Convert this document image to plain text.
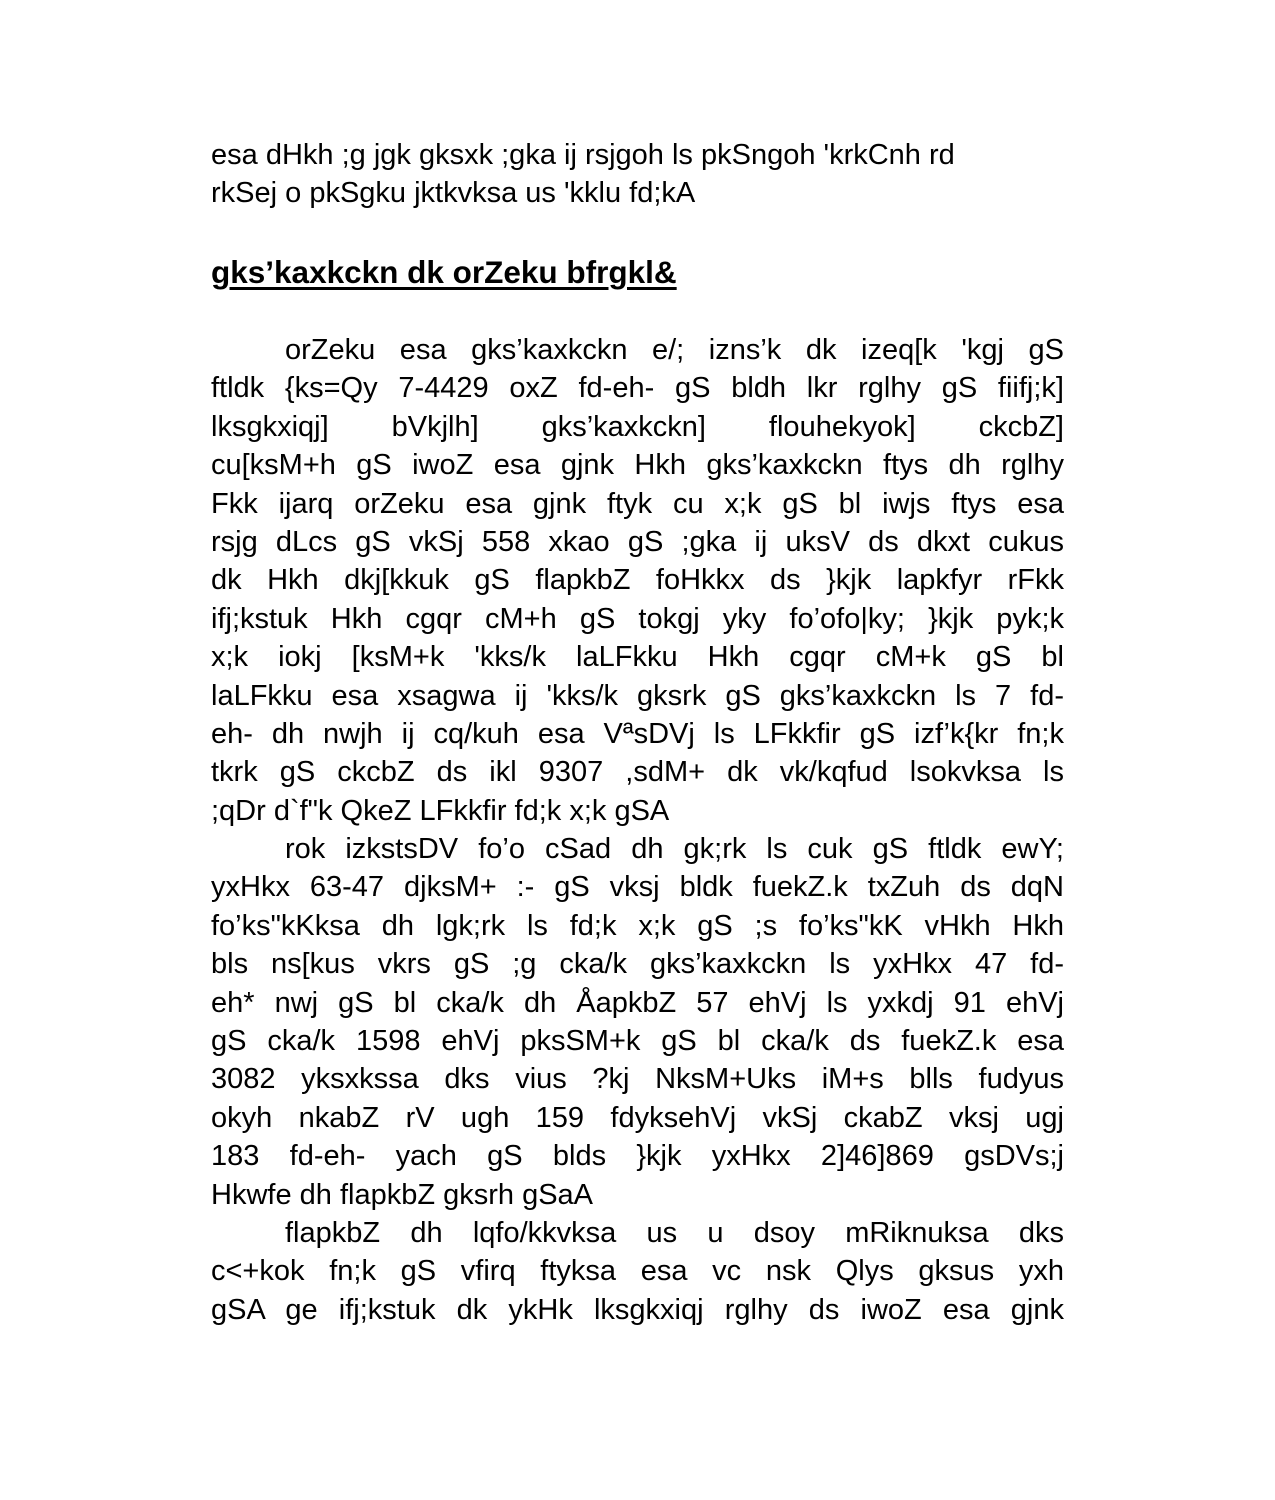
esa dHkh ;g jgk gksxk ;gka ij rsjgoh ls pkSngoh 'krkCnh rd
rkSej o pkSgku jktkvksa us 'kklu fd;kA
gks’kaxkckn dk orZeku bfrgkl&
orZeku esa gks’kaxkckn e/; izns’k dk izeq[k 'kgj gS
ftldk {ks=Qy 7-4429 oxZ fd-eh- gS bldh lkr rglhy gS fiifj;k]
lksgkxiqj] bVkjlh] gks’kaxkckn] flouhekyok] ckcbZ]
cu[ksM+h gS iwoZ esa gjnk Hkh gks’kaxkckn ftys dh rglhy
Fkk ijarq orZeku esa gjnk ftyk cu x;k gS bl iwjs ftys esa
rsjg dLcs gS vkSj 558 xkao gS ;gka ij uksV ds dkxt cukus
dk Hkh dkj[kkuk gS flapkbZ foHkkx ds }kjk lapkfyr rFkk
ifj;kstuk Hkh cgqr cM+h gS tokgj yky fo’ofo|ky; }kjk pyk;k
x;k iokj [ksM+k 'kks/k laLFkku Hkh cgqr cM+k gS bl
laLFkku esa xsagwa ij 'kks/k gksrk gS gks’kaxkckn ls 7 fd-
eh- dh nwjh ij cq/kuh esa VªsDVj ls LFkkfir gS izf’k{kr fn;k
tkrk gS ckcbZ ds ikl 9307 ,sdM+ dk vk/kqfud lsokvksa ls
;qDr d`f"k QkeZ LFkkfir fd;k x;k gSA
rok izkstsDV fo’o cSad dh gk;rk ls cuk gS ftldk ewY;
yxHkx 63-47 djksM+ :- gS vksj bldk fuekZ.k txZuh ds dqN
fo’ks"kKksa dh lgk;rk ls fd;k x;k gS ;s fo’ks"kK vHkh Hkh
bls ns[kus vkrs gS ;g cka/k gks’kaxkckn ls yxHkx 47 fd-
eh* nwj gS bl cka/k dh ÅapkbZ 57 ehVj ls yxkdj 91 ehVj
gS cka/k 1598 ehVj pksSM+k gS bl cka/k ds fuekZ.k esa
3082 yksxkssa dks vius ?kj NksM+Uks iM+s blls fudyus
okyh nkabZ rV ugh 159 fdyksehVj vkSj ckabZ vksj ugj
183 fd-eh- yach gS blds }kjk yxHkx 2]46]869 gsDVs;j
Hkwfe dh flapkbZ gksrh gSaA
flapkbZ dh lqfo/kkvksa us u dsoy mRiknuksa dks
c<+kok fn;k gS vfirq ftyksa esa vc nsk Qlys gksus yxh
gSA ge ifj;kstuk dk ykHk lksgkxiqj rglhy ds iwoZ esa gjnk
